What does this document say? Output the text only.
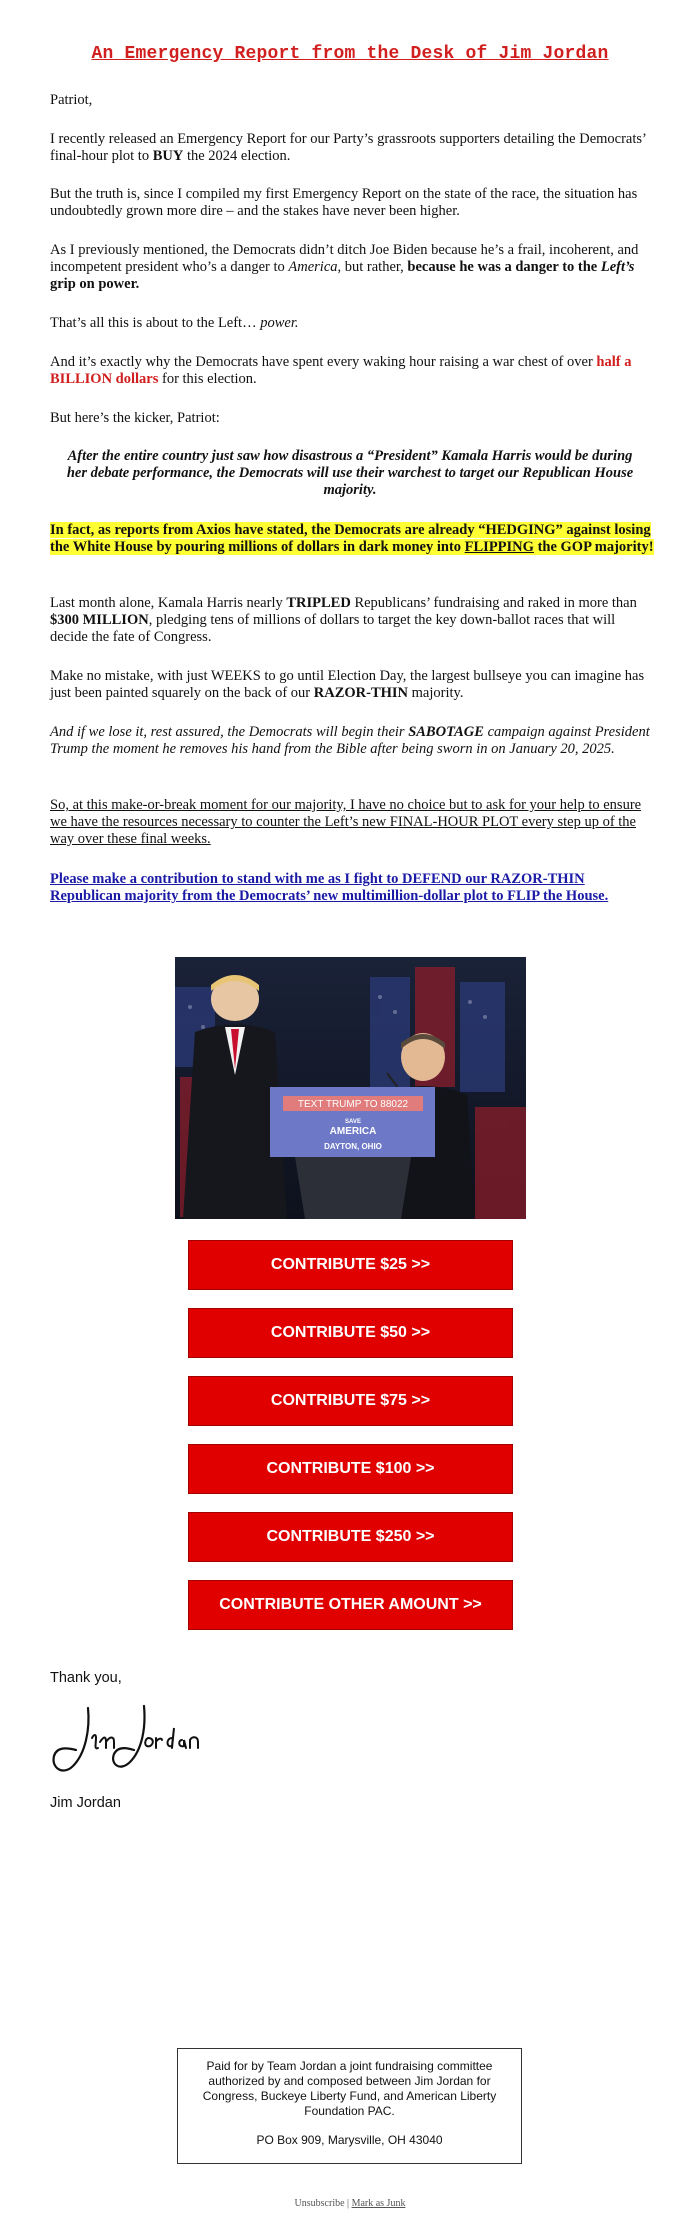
An Emergency Report from the Desk of Jim Jordan

Patriot,

I recently released an Emergency Report for our Party’s grassroots supporters detailing the Democrats’ final-hour plot to BUY the 2024 election.

But the truth is, since I compiled my first Emergency Report on the state of the race, the situation has undoubtedly grown more dire – and the stakes have never been higher.

As I previously mentioned, the Democrats didn’t ditch Joe Biden because he’s a frail, incoherent, and incompetent president who’s a danger to America, but rather, because he was a danger to the Left’s grip on power.

That’s all this is about to the Left… power.

And it’s exactly why the Democrats have spent every waking hour raising a war chest of over half a BILLION dollars for this election.

But here’s the kicker, Patriot:

After the entire country just saw how disastrous a “President” Kamala Harris would be during her debate performance, the Democrats will use their warchest to target our Republican House majority.

In fact, as reports from Axios have stated, the Democrats are already “HEDGING” against losing the White House by pouring millions of dollars in dark money into FLIPPING the GOP majority!

Last month alone, Kamala Harris nearly TRIPLED Republicans’ fundraising and raked in more than $300 MILLION, pledging tens of millions of dollars to target the key down-ballot races that will decide the fate of Congress.

Make no mistake, with just WEEKS to go until Election Day, the largest bullseye you can imagine has just been painted squarely on the back of our RAZOR-THIN majority.

And if we lose it, rest assured, the Democrats will begin their SABOTAGE campaign against President Trump the moment he removes his hand from the Bible after being sworn in on January 20, 2025.

So, at this make-or-break moment for our majority, I have no choice but to ask for your help to ensure we have the resources necessary to counter the Left’s new FINAL-HOUR PLOT every step up of the way over these final weeks.

Please make a contribution to stand with me as I fight to DEFEND our RAZOR-THIN Republican majority from the Democrats’ new multimillion-dollar plot to FLIP the House.

TEXT TRUMP TO 88022
SAVE
AMERICA
DAYTON, OHIO
CONTRIBUTE $25 >>
CONTRIBUTE $50 >>
CONTRIBUTE $75 >>
CONTRIBUTE $100 >>
CONTRIBUTE $250 >>
CONTRIBUTE OTHER AMOUNT >>

Thank you,

Jim Jordan

Paid for by Team Jordan a joint fundraising committee authorized by and composed between Jim Jordan for Congress, Buckeye Liberty Fund, and American Liberty Foundation PAC.
PO Box 909, Marysville, OH 43040
Unsubscribe | Mark as Junk
